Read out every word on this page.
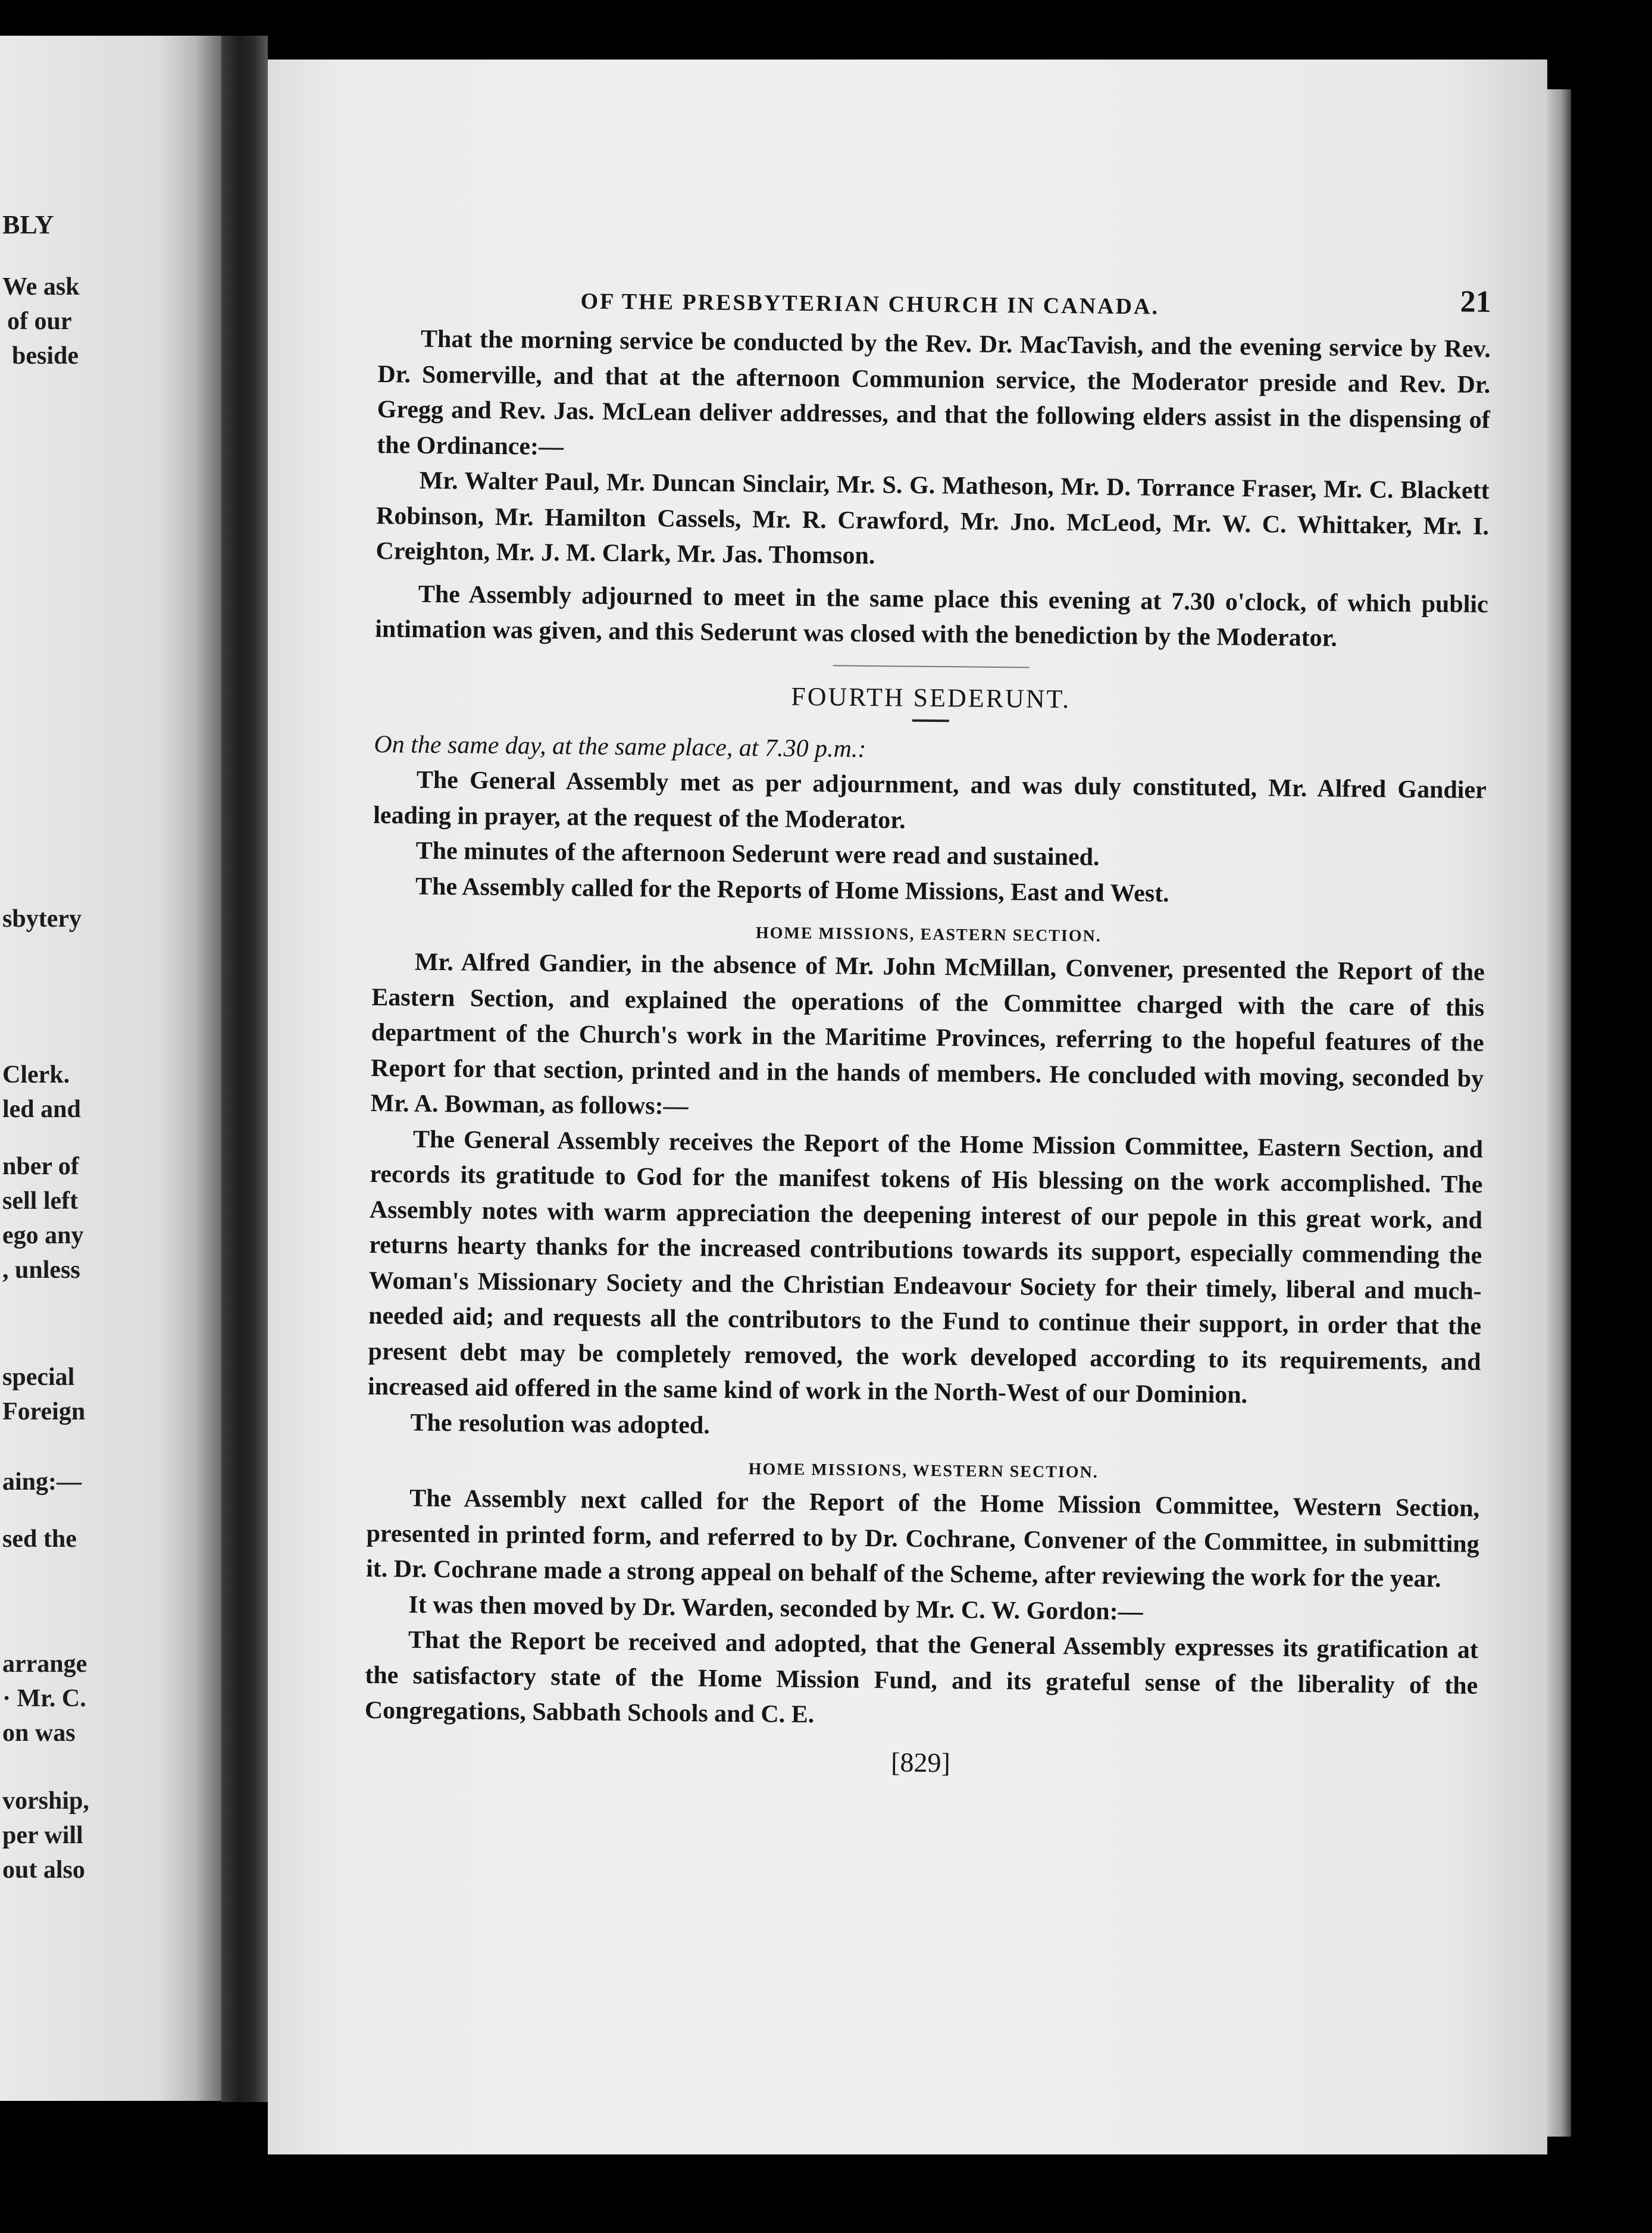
BLY
We ask
of our
beside
sbytery
Clerk.
led and
nber of
sell left
ego any
, unless
special
Foreign
aing:—
sed the
arrange
· Mr. C.
on was
vorship,
per will
out also
OF THE PRESBYTERIAN CHURCH IN CANADA.	21

That the morning service be conducted by the Rev. Dr. MacTavish, and the evening service by Rev. Dr. Somerville, and that at the afternoon Communion service, the Moderator preside and Rev. Dr. Gregg and Rev. Jas. McLean deliver addresses, and that the following elders assist in the dispensing of the Ordinance:—

Mr. Walter Paul, Mr. Duncan Sinclair, Mr. S. G. Matheson, Mr. D. Torrance Fraser, Mr. C. Blackett Robinson, Mr. Hamilton Cassels, Mr. R. Crawford, Mr. Jno. McLeod, Mr. W. C. Whittaker, Mr. I. Creighton, Mr. J. M. Clark, Mr. Jas. Thomson.

The Assembly adjourned to meet in the same place this evening at 7.30 o'clock, of which public intimation was given, and this Sederunt was closed with the benediction by the Moderator.

FOURTH SEDERUNT.

On the same day, at the same place, at 7.30 p.m.:

The General Assembly met as per adjournment, and was duly constituted, Mr. Alfred Gandier leading in prayer, at the request of the Moderator.

The minutes of the afternoon Sederunt were read and sustained.

The Assembly called for the Reports of Home Missions, East and West.

HOME MISSIONS, EASTERN SECTION.

Mr. Alfred Gandier, in the absence of Mr. John McMillan, Convener, presented the Report of the Eastern Section, and explained the operations of the Committee charged with the care of this department of the Church's work in the Maritime Provinces, referring to the hopeful features of the Report for that section, printed and in the hands of members. He concluded with moving, seconded by Mr. A. Bowman, as follows:—

The General Assembly receives the Report of the Home Mission Committee, Eastern Section, and records its gratitude to God for the manifest tokens of His blessing on the work accomplished. The Assembly notes with warm appreciation the deepening interest of our pepole in this great work, and returns hearty thanks for the increased contributions towards its support, especially commending the Woman's Missionary Society and the Christian Endeavour Society for their timely, liberal and much-needed aid; and requests all the contributors to the Fund to continue their support, in order that the present debt may be completely removed, the work developed according to its requirements, and increased aid offered in the same kind of work in the North-West of our Dominion.

The resolution was adopted.

HOME MISSIONS, WESTERN SECTION.

The Assembly next called for the Report of the Home Mission Committee, Western Section, presented in printed form, and referred to by Dr. Cochrane, Convener of the Committee, in submitting it. Dr. Cochrane made a strong appeal on behalf of the Scheme, after reviewing the work for the year.

It was then moved by Dr. Warden, seconded by Mr. C. W. Gordon:—

That the Report be received and adopted, that the General Assembly expresses its gratification at the satisfactory state of the Home Mission Fund, and its grateful sense of the liberality of the Congregations, Sabbath Schools and C. E.

[829]
